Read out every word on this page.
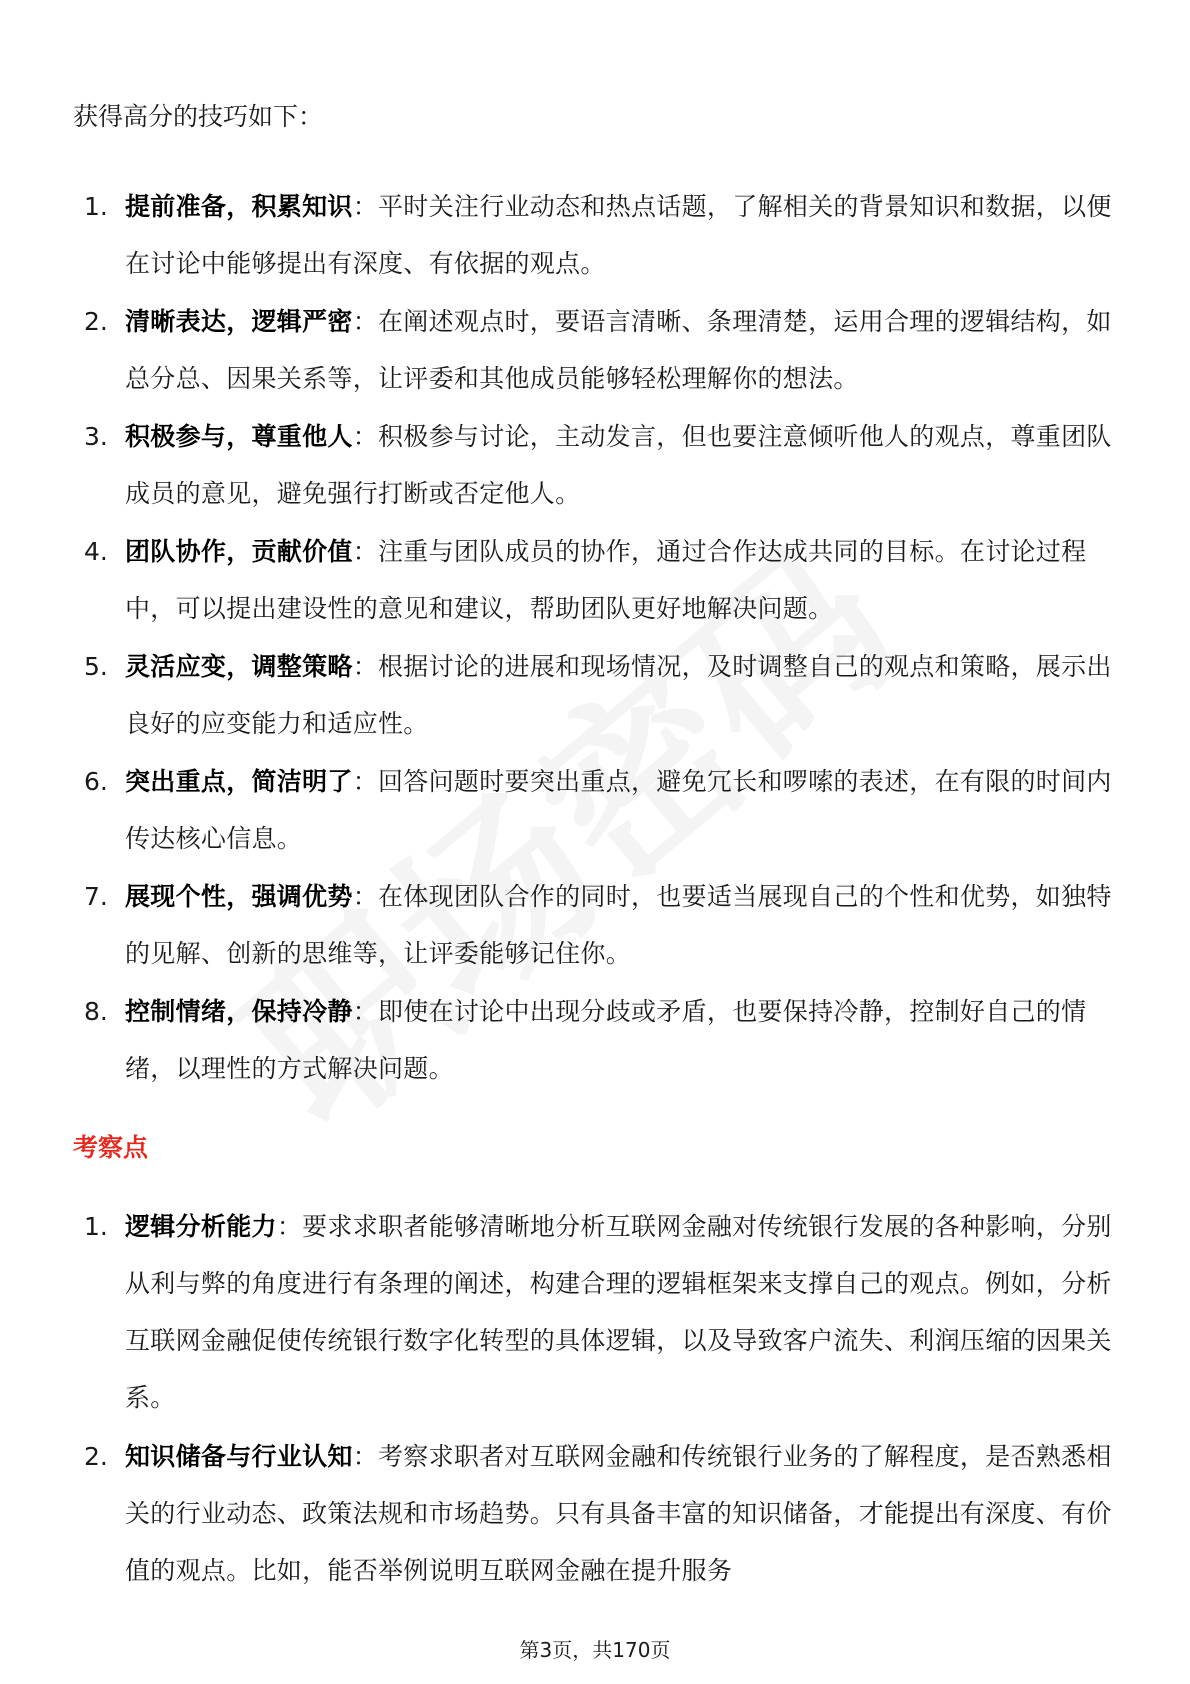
获得高分的技巧如下：
1. 提前准备，积累知识：平时关注行业动态和热点话题，了解相关的背景知识和数据，以便在讨论中能够提出有深度、有依据的观点。

2. 清晰表达，逻辑严密：在阐述观点时，要语言清晰、条理清楚，运用合理的逻辑结构，如总分总、因果关系等，让评委和其他成员能够轻松理解你的想法。

3. 积极参与，尊重他人：积极参与讨论，主动发言，但也要注意倾听他人的观点，尊重团队成员的意见，避免强行打断或否定他人。

4. 团队协作，贡献价值：注重与团队成员的协作，通过合作达成共同的目标。在讨论过程中，可以提出建设性的意见和建议，帮助团队更好地解决问题。

5. 灵活应变，调整策略：根据讨论的进展和现场情况，及时调整自己的观点和策略，展示出良好的应变能力和适应性。

6. 突出重点，简洁明了：回答问题时要突出重点，避免冗长和啰嗦的表述，在有限的时间内传达核心信息。

7. 展现个性，强调优势：在体现团队合作的同时，也要适当展现自己的个性和优势，如独特的见解、创新的思维等，让评委能够记住你。

8. 控制情绪，保持冷静：即使在讨论中出现分歧或矛盾，也要保持冷静，控制好自己的情绪，以理性的方式解决问题。

考察点
1. 逻辑分析能力：要求求职者能够清晰地分析互联网金融对传统银行发展的各种影响，分别从利与弊的角度进行有条理的阐述，构建合理的逻辑框架来支撑自己的观点。例如，分析互联网金融促使传统银行数字化转型的具体逻辑，以及导致客户流失、利润压缩的因果关系。

2. 知识储备与行业认知：考察求职者对互联网金融和传统银行业务的了解程度，是否熟悉相关的行业动态、政策法规和市场趋势。只有具备丰富的知识储备，才能提出有深度、有价值的观点。比如，能否举例说明互联网金融在提升服务

第3页，共170页
